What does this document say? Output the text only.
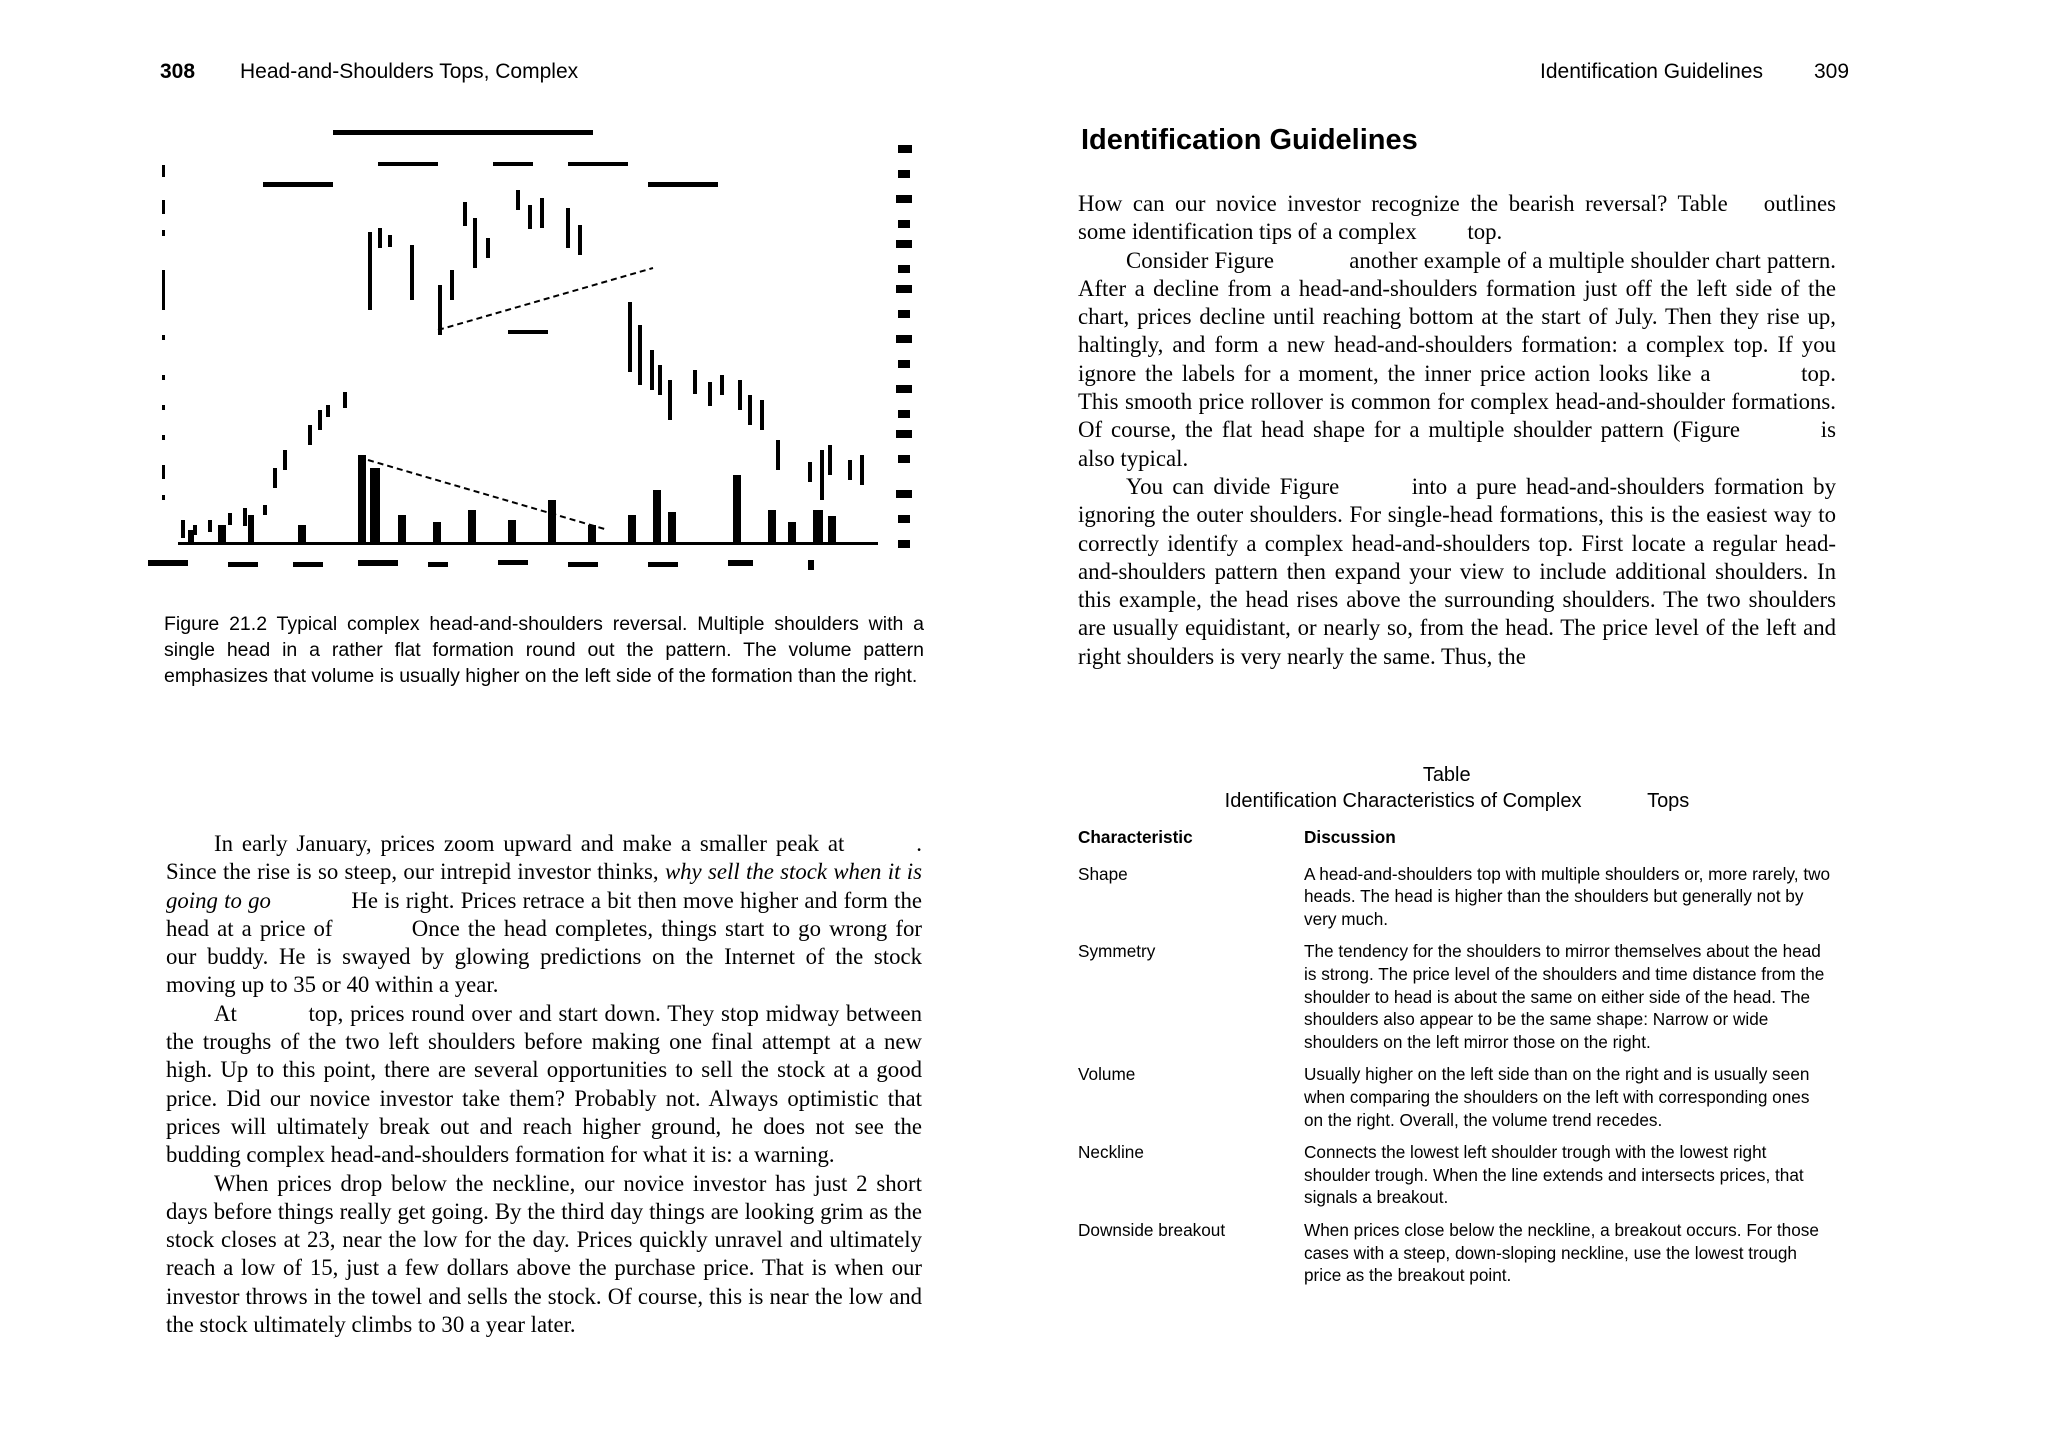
308 Head-and-Shoulders Tops, Complex
Figure 21.2 Typical complex head-and-shoulders reversal. Multiple shoulders with a single head in a rather flat formation round out the pattern. The volume pattern emphasizes that volume is usually higher on the left side of the formation than the right.

In early January, prices zoom upward and make a smaller peak at	. Since the rise is so steep, our intrepid investor thinks, why sell the stock when it is going to go	He is right. Prices retrace a bit then move higher and form the head at a price of	Once the head completes, things start to go wrong for our buddy. He is swayed by glowing predictions on the Internet of the stock moving up to 35 or 40 within a year.

At	top, prices round over and start down. They stop midway between the troughs of the two left shoulders before making one final attempt at a new high. Up to this point, there are several opportunities to sell the stock at a good price. Did our novice investor take them? Probably not. Always optimistic that prices will ultimately break out and reach higher ground, he does not see the budding complex head-and-shoulders formation for what it is: a warning.

When prices drop below the neckline, our novice investor has just 2 short days before things really get going. By the third day things are looking grim as the stock closes at 23, near the low for the day. Prices quickly unravel and ultimately reach a low of 15, just a few dollars above the purchase price. That is when our investor throws in the towel and sells the stock. Of course, this is near the low and the stock ultimately climbs to 30 a year later.

Identification Guidelines 309
Identification Guidelines

How can our novice investor recognize the bearish reversal? Table  outlines some identification tips of a complex top.

Consider Figure	another example of a multiple shoulder chart pattern. After a decline from a head-and-shoulders formation just off the left side of the chart, prices decline until reaching bottom at the start of July. Then they rise up, haltingly, and form a new head-and-shoulders formation: a complex top. If you ignore the labels for a moment, the inner price action looks like a	top. This smooth price rollover is common for complex head-and-shoulder formations. Of course, the flat head shape for a multiple shoulder pattern (Figure	is also typical.

You can divide Figure	into a pure head-and-shoulders formation by ignoring the outer shoulders. For single-head formations, this is the easiest way to correctly identify a complex head-and-shoulders top. First locate a regular head-and-shoulders pattern then expand your view to include additional shoulders. In this example, the head rises above the surrounding shoulders. The two shoulders are usually equidistant, or nearly so, from the head. The price level of the left and right shoulders is very nearly the same. Thus, the

Table
Identification Characteristics of Complex	Tops
Characteristic	Discussion
Shape	A head-and-shoulders top with multiple shoulders or, more rarely, two heads. The head is higher than the shoulders but generally not by very much.
Symmetry	The tendency for the shoulders to mirror themselves about the head is strong. The price level of the shoulders and time distance from the shoulder to head is about the same on either side of the head. The shoulders also appear to be the same shape: Narrow or wide shoulders on the left mirror those on the right.
Volume	Usually higher on the left side than on the right and is usually seen when comparing the shoulders on the left with corresponding ones on the right. Overall, the volume trend recedes.
Neckline	Connects the lowest left shoulder trough with the lowest right shoulder trough. When the line extends and intersects prices, that signals a breakout.
Downside breakout	When prices close below the neckline, a breakout occurs. For those cases with a steep, down-sloping neckline, use the lowest trough price as the breakout point.
